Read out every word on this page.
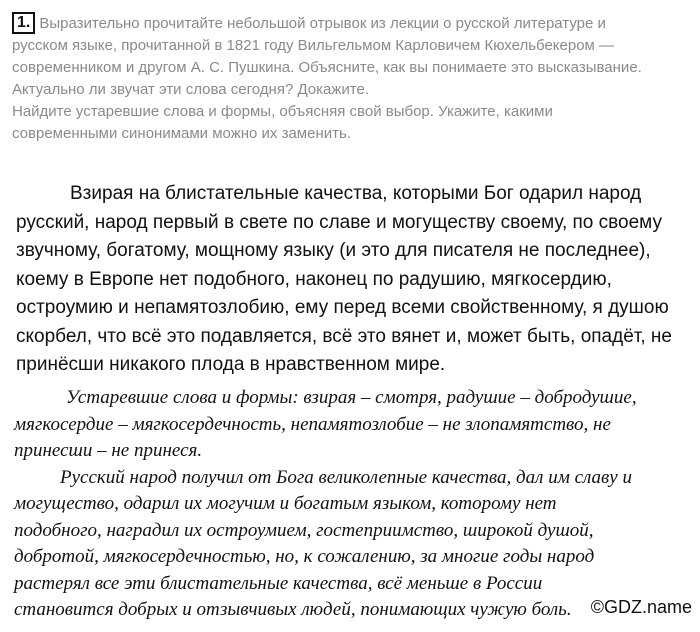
1. Выразительно прочитайте небольшой отрывок из лекции о русской литературе и
русском языке, прочитанной в 1821 году Вильгельмом Карловичем Кюхельбекером —
современником и другом А. С. Пушкина. Объясните, как вы понимаете это высказывание.
Актуально ли звучат эти слова сегодня? Докажите.
Найдите устаревшие слова и формы, объясняя свой выбор. Укажите, какими
современными синонимами можно их заменить.
Взирая на блистательные качества, которыми Бог одарил народ
русский, народ первый в свете по славе и могуществу своему, по своему
звучному, богатому, мощному языку (и это для писателя не последнее),
коему в Европе нет подобного, наконец по радушию, мягкосердию,
остроумию и непамятозлобию, ему перед всеми свойственному, я душою
скорбел, что всё это подавляется, всё это вянет и, может быть, опадёт, не
принёсши никакого плода в нравственном мире.
Устаревшие слова и формы: взирая – смотря, радушие – добродушие,
мягкосердие – мягкосердечность, непамятозлобие – не злопамятство, не
принесши – не принеся.
Русский народ получил от Бога великолепные качества, дал им славу и
могущество, одарил их могучим и богатым языком, которому нет
подобного, наградил их остроумием, гостеприимство, широкой душой,
добротой, мягкосердечностью, но, к сожалению, за многие годы народ
растерял все эти блистательные качества, всё меньше в России
становится добрых и отзывчивых людей, понимающих чужую боль.	©GDZ.name
